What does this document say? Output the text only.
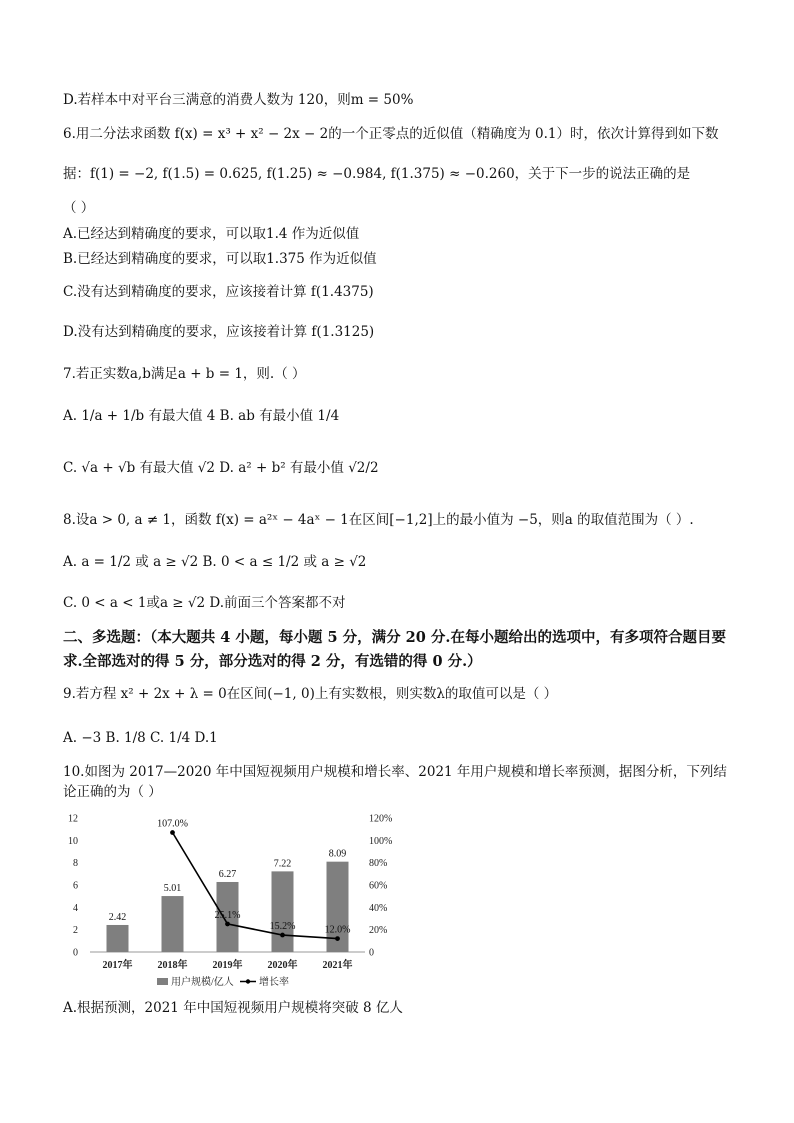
D.若样本中对平台三满意的消费人数为 120，则m = 50%
6.用二分法求函数 f(x) = x³ + x² − 2x − 2的一个正零点的近似值（精确度为 0.1）时，依次计算得到如下数
据：f(1) = −2, f(1.5) = 0.625, f(1.25) ≈ −0.984, f(1.375) ≈ −0.260，关于下一步的说法正确的是
（ ）
A.已经达到精确度的要求，可以取1.4 作为近似值
B.已经达到精确度的要求，可以取1.375 作为近似值
C.没有达到精确度的要求，应该接着计算 f(1.4375)
D.没有达到精确度的要求，应该接着计算 f(1.3125)
7.若正实数a,b满足a + b = 1，则.（ ）
A. 1/a + 1/b 有最大值 4 B. ab 有最小值 1/4
C. √a + √b 有最大值 √2 D. a² + b² 有最小值 √2/2
8.设a > 0, a ≠ 1，函数 f(x) = a²ˣ − 4aˣ − 1在区间[−1,2]上的最小值为 −5，则a 的取值范围为（ ）.
A. a = 1/2 或 a ≥ √2 B. 0 < a ≤ 1/2 或 a ≥ √2
C. 0 < a < 1或a ≥ √2 D.前面三个答案都不对
二、多选题：（本大题共 4 小题，每小题 5 分，满分 20 分.在每小题给出的选项中，有多项符合题目要求.全部选对的得 5 分，部分选对的得 2 分，有选错的得 0 分.）
9.若方程 x² + 2x + λ = 0在区间(−1, 0)上有实数根，则实数λ的取值可以是（ ）
A. −3 B. 1/8 C. 1/4 D.1
10.如图为 2017—2020 年中国短视频用户规模和增长率、2021 年用户规模和增长率预测，据图分析，下列结论正确的为（ ）
0
2
4
6
8
10
12
0
20%
40%
60%
80%
100%
120%
2.42
5.01
6.27
7.22
8.09
107.0%
25.1%
15.2%	12.0%
2017年	2018年	2019年	2020年	2021年
用户规模/亿人	增长率
A.根据预测，2021 年中国短视频用户规模将突破 8 亿人
